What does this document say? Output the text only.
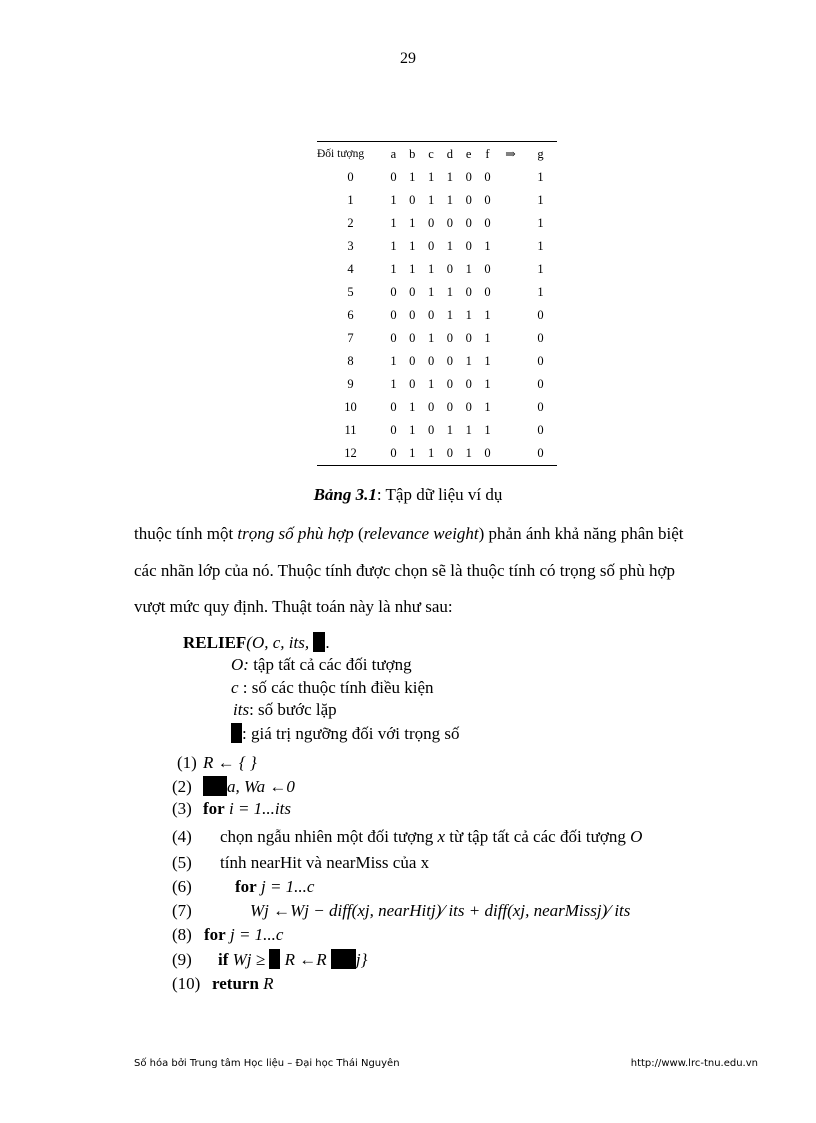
29
Đối tượng	a	b	c	d	e	f	⇒	g
0	0	1	1	1	0	0		1
1	1	0	1	1	0	0		1
2	1	1	0	0	0	0		1
3	1	1	0	1	0	1		1
4	1	1	1	0	1	0		1
5	0	0	1	1	0	0		1
6	0	0	0	1	1	1		0
7	0	0	1	0	0	1		0
8	1	0	0	0	1	1		0
9	1	0	1	0	0	1		0
10	0	1	0	0	0	1		0
11	0	1	0	1	1	1		0
12	0	1	1	0	1	0		0
Bảng 3.1: Tập dữ liệu ví dụ
thuộc tính một trọng số phù hợp (relevance weight) phản ánh khả năng phân biệt
các nhãn lớp của nó. Thuộc tính được chọn sẽ là thuộc tính có trọng số phù hợp
vượt mức quy định. Thuật toán này là như sau:
RELIEF(O, c, its, .
O: tập tất cả các đối tượng
c : số các thuộc tính điều kiện
its: số bước lặp
: giá trị ngưỡng đối với trọng số
(1) R ← { }
(2) a, Wa ←0
(3) for i = 1...its
(4) chọn ngẫu nhiên một đối tượng x từ tập tất cả các đối tượng O
(5) tính nearHit và nearMiss của x
(6)	for j = 1...c
(7)	Wj ←Wj − diff(xj, nearHitj)⁄ its + diff(xj, nearMissj)⁄ its
(8) for j = 1...c
(9) if Wj ≥  R ←R j}
(10) return R
Số hóa bởi Trung tâm Học liệu – Đại học Thái Nguyên	http://www.lrc-tnu.edu.vn
